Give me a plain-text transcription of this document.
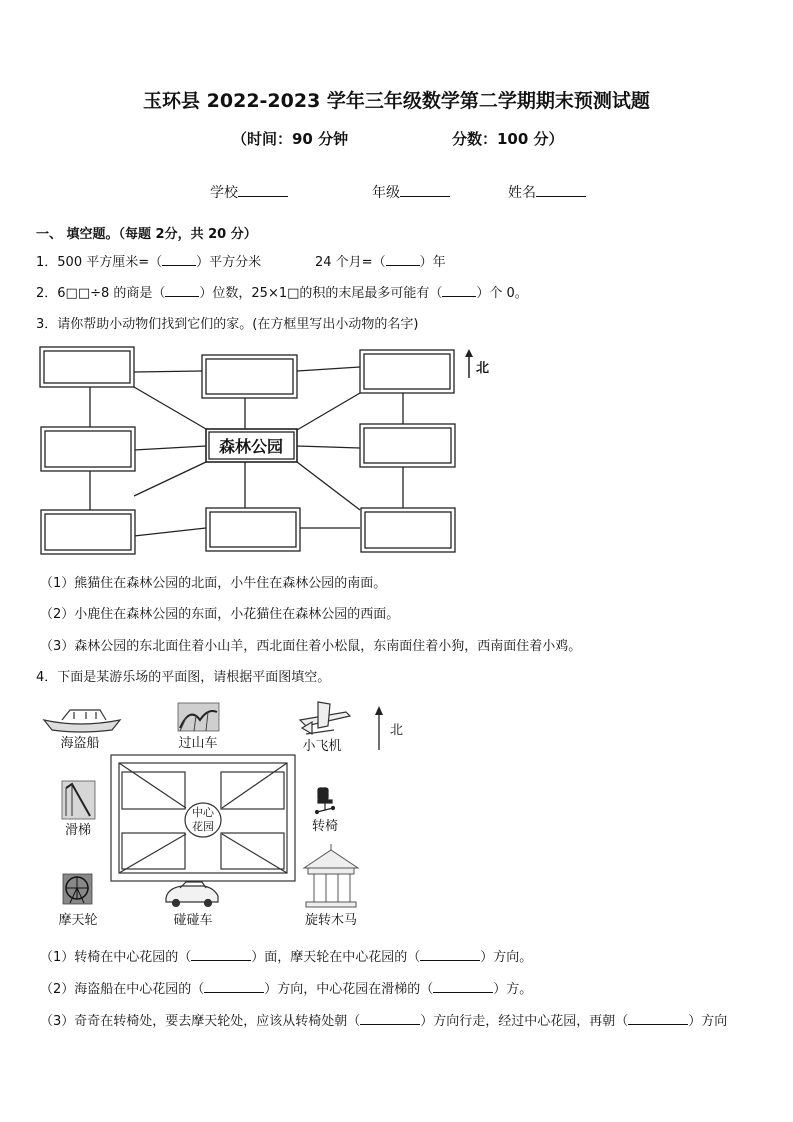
玉环县 2022-2023 学年三年级数学第二学期期末预测试题
（时间：90 分钟	分数：100 分）
学校	年级	姓名
一、 填空题。（每题 2分，共 20 分）
1．500 平方厘米=（	）平方分米	24 个月=（	）年
2．6□□÷8 的商是（	）位数，25×1□的积的末尾最多可能有（	）个 0。
3．请你帮助小动物们找到它们的家。(在方框里写出小动物的名字)
森林公园
北
（1）熊猫住在森林公园的北面，小牛住在森林公园的南面。
（2）小鹿住在森林公园的东面，小花猫住在森林公园的西面。
（3）森林公园的东北面住着小山羊，西北面住着小松鼠，东南面住着小狗，西南面住着小鸡。
4．下面是某游乐场的平面图，请根据平面图填空。
海盗船	过山车	小飞机
北
滑梯
中心
花园	转椅
摩天轮	碰碰车	旋转木马
（1）转椅在中心花园的（	）面，摩天轮在中心花园的（	）方向。
（2）海盗船在中心花园的（	）方向，中心花园在滑梯的（	）方。
（3）奇奇在转椅处，要去摩天轮处，应该从转椅处朝（	）方向行走，经过中心花园，再朝（	）方向
